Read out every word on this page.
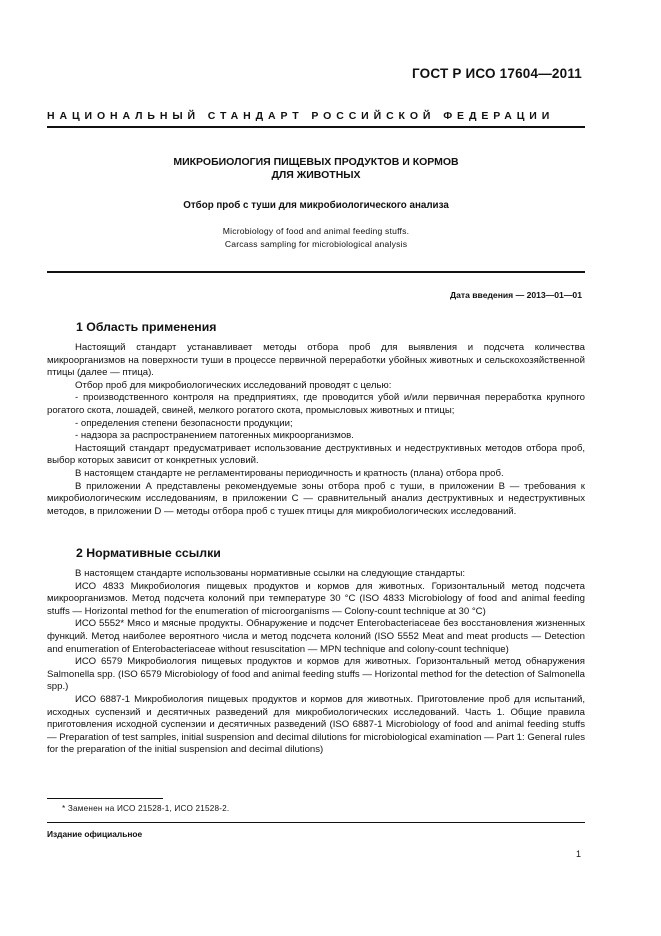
ГОСТ Р ИСО 17604—2011
НАЦИОНАЛЬНЫЙ СТАНДАРТ РОССИЙСКОЙ ФЕДЕРАЦИИ
МИКРОБИОЛОГИЯ ПИЩЕВЫХ ПРОДУКТОВ И КОРМОВ
ДЛЯ ЖИВОТНЫХ
Отбор проб с туши для микробиологического анализа
Microbiology of food and animal feeding stuffs.
Carcass sampling for microbiological analysis
Дата введения — 2013—01—01
1 Область применения

Настоящий стандарт устанавливает методы отбора проб для выявления и подсчета количества микроорганизмов на поверхности туши в процессе первичной переработки убойных животных и сельскохозяйственной птицы (далее — птица).

Отбор проб для микробиологических исследований проводят с целью:

- производственного контроля на предприятиях, где проводится убой и/или первичная переработка крупного рогатого скота, лошадей, свиней, мелкого рогатого скота, промысловых животных и птицы;

- определения степени безопасности продукции;

- надзора за распространением патогенных микроорганизмов.

Настоящий стандарт предусматривает использование деструктивных и недеструктивных методов отбора проб, выбор которых зависит от конкретных условий.

В настоящем стандарте не регламентированы периодичность и кратность (плана) отбора проб.

В приложении А представлены рекомендуемые зоны отбора проб с туши, в приложении В — требования к микробиологическим исследованиям, в приложении С — сравнительный анализ деструктивных и недеструктивных методов, в приложении D — методы отбора проб с тушек птицы для микробиологических исследований.

2 Нормативные ссылки

В настоящем стандарте использованы нормативные ссылки на следующие стандарты:

ИСО 4833 Микробиология пищевых продуктов и кормов для животных. Горизонтальный метод подсчета микроорганизмов. Метод подсчета колоний при температуре 30 °С (ISO 4833 Microbiology of food and animal feeding stuffs — Horizontal method for the enumeration of microorganisms — Colony-count technique at 30 °C)

ИСО 5552* Мясо и мясные продукты. Обнаружение и подсчет Enterobacteriaceae без восстановления жизненных функций. Метод наиболее вероятного числа и метод подсчета колоний (ISO 5552 Meat and meat products — Detection and enumeration of Enterobacteriaceae without resuscitation — MPN technique and colony-count technique)

ИСО 6579 Микробиология пищевых продуктов и кормов для животных. Горизонтальный метод обнаружения Salmonella spp. (ISO 6579 Microbiology of food and animal feeding stuffs — Horizontal method for the detection of Salmonella spp.)

ИСО 6887-1 Микробиология пищевых продуктов и кормов для животных. Приготовление проб для испытаний, исходных суспензий и десятичных разведений для микробиологических исследований. Часть 1. Общие правила приготовления исходной суспензии и десятичных разведений (ISO 6887-1 Microbiology of food and animal feeding stuffs — Preparation of test samples, initial suspension and decimal dilutions for microbiological examination — Part 1: General rules for the preparation of the initial suspension and decimal dilutions)

* Заменен на ИСО 21528-1, ИСО 21528-2.
Издание официальное
1
